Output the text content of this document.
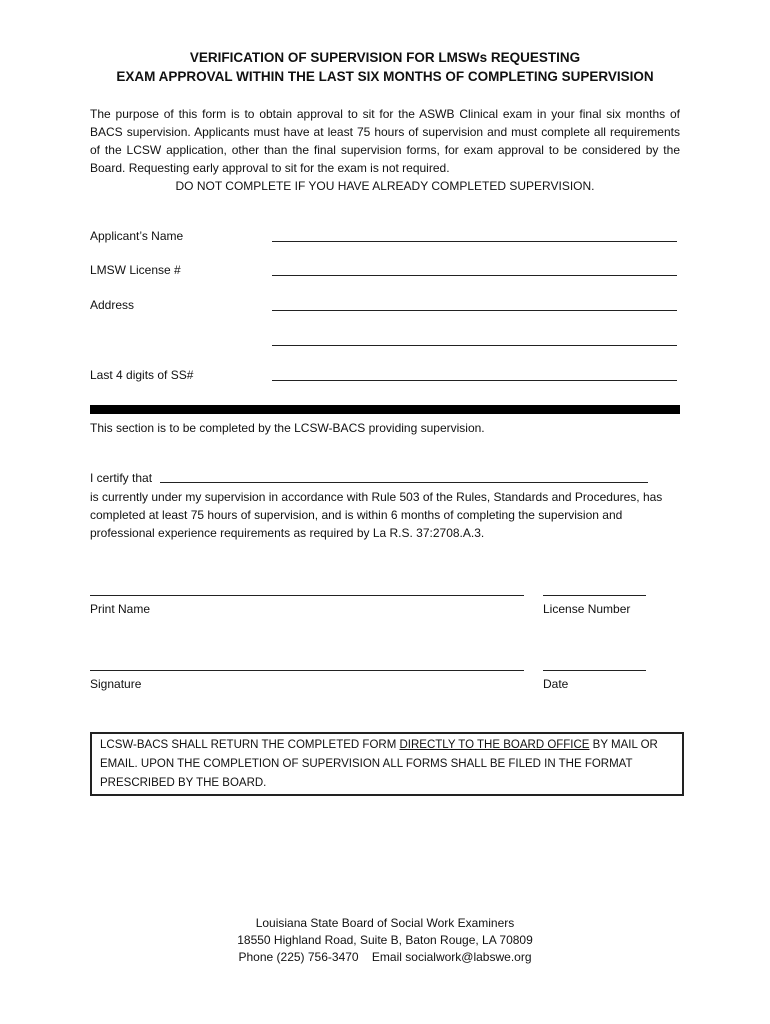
VERIFICATION OF SUPERVISION FOR LMSWs REQUESTING
EXAM APPROVAL WITHIN THE LAST SIX MONTHS OF COMPLETING SUPERVISION
The purpose of this form is to obtain approval to sit for the ASWB Clinical exam in your final six months of BACS supervision. Applicants must have at least 75 hours of supervision and must complete all requirements of the LCSW application, other than the final supervision forms, for exam approval to be considered by the Board. Requesting early approval to sit for the exam is not required.
DO NOT COMPLETE IF YOU HAVE ALREADY COMPLETED SUPERVISION.
Applicant’s Name
LMSW License #
Address
Last 4 digits of SS#
This section is to be completed by the LCSW-BACS providing supervision.
I certify that
is currently under my supervision in accordance with Rule 503 of the Rules, Standards and Procedures, has completed at least 75 hours of supervision, and is within 6 months of completing the supervision and professional experience requirements as required by La R.S. 37:2708.A.3.
Print Name	License Number
Signature	Date
LCSW-BACS SHALL RETURN THE COMPLETED FORM DIRECTLY TO THE BOARD OFFICE BY MAIL OR EMAIL. UPON THE COMPLETION OF SUPERVISION ALL FORMS SHALL BE FILED IN THE FORMAT PRESCRIBED BY THE BOARD.
Louisiana State Board of Social Work Examiners
18550 Highland Road, Suite B, Baton Rouge, LA 70809
Phone (225) 756-3470    Email socialwork@labswe.org
